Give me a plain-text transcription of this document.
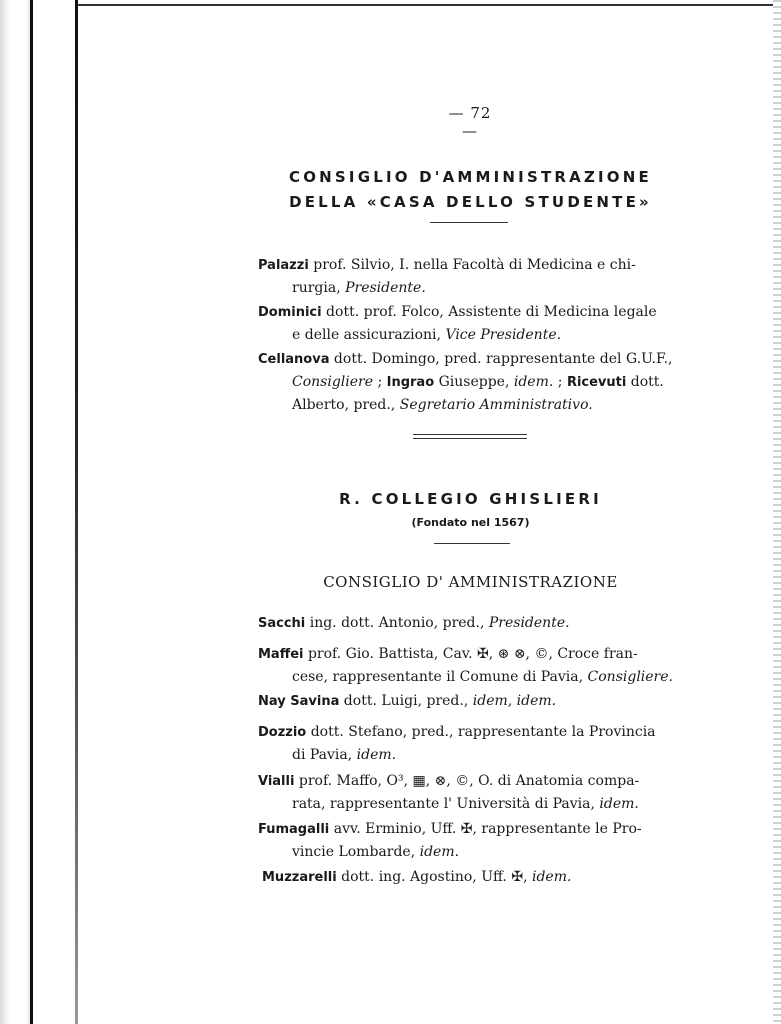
— 72 —
CONSIGLIO D'AMMINISTRAZIONE
DELLA «CASA DELLO STUDENTE»
Palazzi prof. Silvio, I. nella Facoltà di Medicina e chi-
rurgia, Presidente.
Dominici dott. prof. Folco, Assistente di Medicina legale
e delle assicurazioni, Vice Presidente.
Cellanova dott. Domingo, pred. rappresentante del G.U.F.,
Consigliere ; Ingrao Giuseppe, idem. ; Ricevuti dott.
Alberto, pred., Segretario Amministrativo.
R. COLLEGIO GHISLIERI
(Fondato nel 1567)
CONSIGLIO D' AMMINISTRAZIONE
Sacchi ing. dott. Antonio, pred., Presidente.
Maffei prof. Gio. Battista, Cav. ✠, ⊛ ⊗, ©, Croce fran-
cese, rappresentante il Comune di Pavia, Consigliere.
Nay Savina dott. Luigi, pred., idem, idem.
Dozzio dott. Stefano, pred., rappresentante la Provincia
di Pavia, idem.
Vialli prof. Maffo, O³, ▦, ⊗, ©, O. di Anatomia compa-
rata, rappresentante l' Università di Pavia, idem.
Fumagalli avv. Erminio, Uff. ✠, rappresentante le Pro-
vincie Lombarde, idem.
Muzzarelli dott. ing. Agostino, Uff. ✠, idem.
